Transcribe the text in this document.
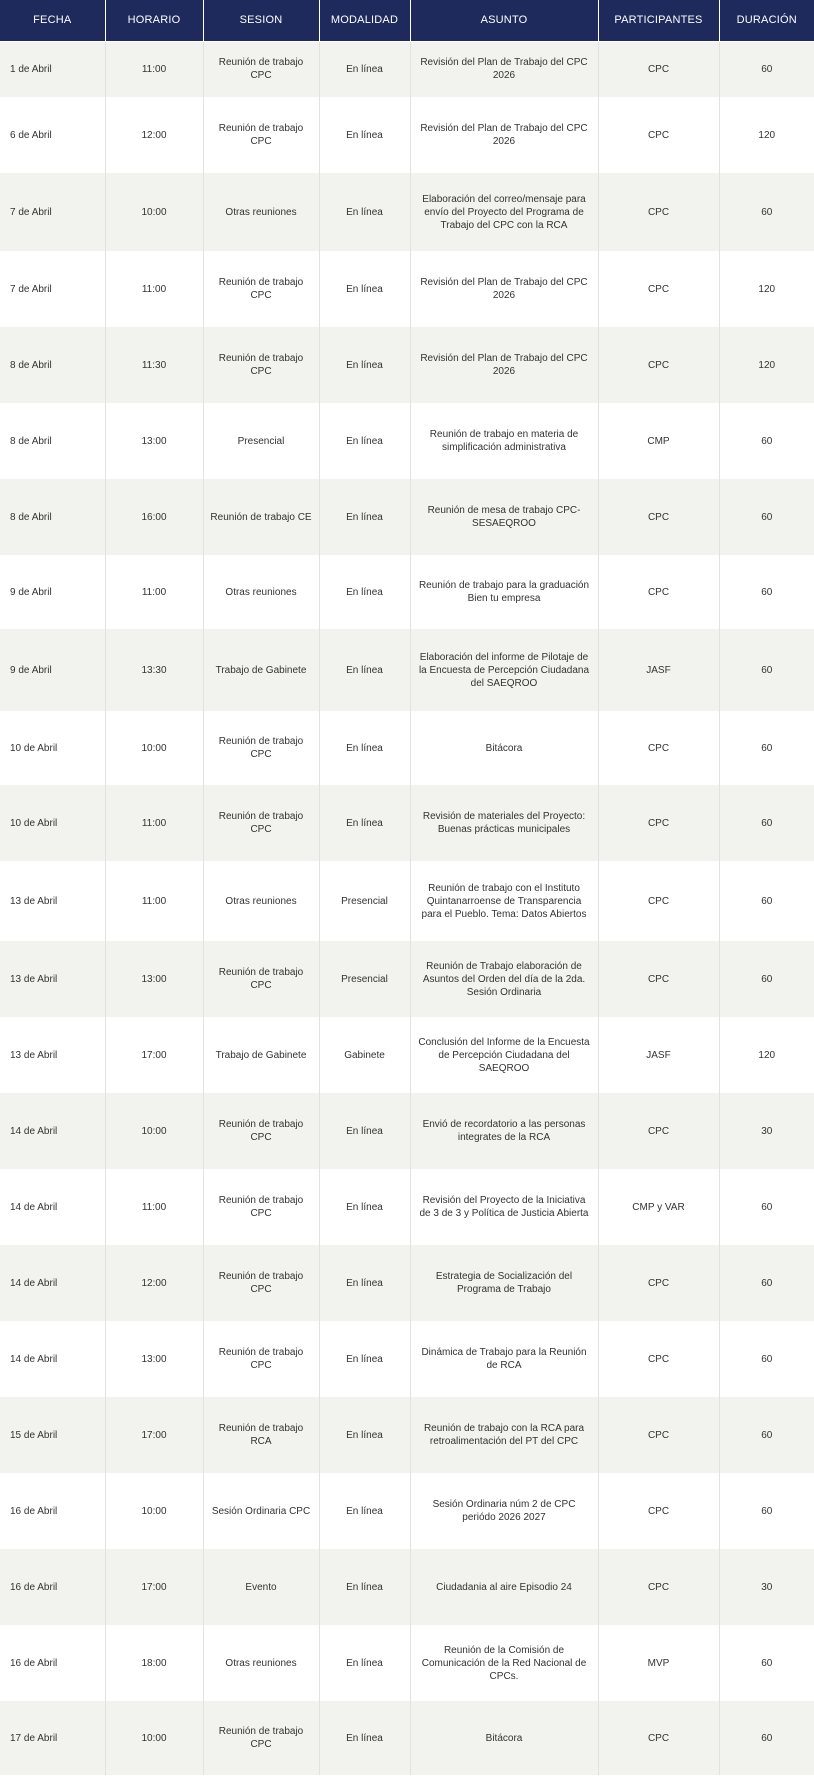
FECHA	HORARIO	SESION	MODALIDAD	ASUNTO	PARTICIPANTES	DURACIÓN
1 de Abril	11:00	Reunión de trabajo CPC	En línea	Revisión del Plan de Trabajo del CPC 2026	CPC	60
6 de Abril	12:00	Reunión de trabajo CPC	En línea	Revisión del Plan de Trabajo del CPC 2026	CPC	120
7 de Abril	10:00	Otras reuniones	En línea	Elaboración del correo/mensaje para envío del Proyecto del Programa de Trabajo del CPC con la RCA	CPC	60
7 de Abril	11:00	Reunión de trabajo CPC	En línea	Revisión del Plan de Trabajo del CPC 2026	CPC	120
8 de Abril	11:30	Reunión de trabajo CPC	En línea	Revisión del Plan de Trabajo del CPC 2026	CPC	120
8 de Abril	13:00	Presencial	En línea	Reunión de trabajo en materia de simplificación administrativa	CMP	60
8 de Abril	16:00	Reunión de trabajo CE	En línea	Reunión de mesa de trabajo CPC-SESAEQROO	CPC	60
9 de Abril	11:00	Otras reuniones	En línea	Reunión de trabajo para la graduación Bien tu empresa	CPC	60
9 de Abril	13:30	Trabajo de Gabinete	En línea	Elaboración del informe de Pilotaje de la Encuesta de Percepción Ciudadana del SAEQROO	JASF	60
10 de Abril	10:00	Reunión de trabajo CPC	En línea	Bitácora	CPC	60
10 de Abril	11:00	Reunión de trabajo CPC	En línea	Revisión de materiales del Proyecto: Buenas prácticas municipales	CPC	60
13 de Abril	11:00	Otras reuniones	Presencial	Reunión de trabajo con el Instituto Quintanarroense de Transparencia para el Pueblo. Tema: Datos Abiertos	CPC	60
13 de Abril	13:00	Reunión de trabajo CPC	Presencial	Reunión de Trabajo elaboración de Asuntos del Orden del día de la 2da. Sesión Ordinaria	CPC	60
13 de Abril	17:00	Trabajo de Gabinete	Gabinete	Conclusión del Informe de la Encuesta de Percepción Ciudadana del SAEQROO	JASF	120
14 de Abril	10:00	Reunión de trabajo CPC	En línea	Envió de recordatorio a las personas integrates de la RCA	CPC	30
14 de Abril	11:00	Reunión de trabajo CPC	En línea	Revisión del Proyecto de la Iniciativa de 3 de 3 y Política de Justicia Abierta	CMP y VAR	60
14 de Abril	12:00	Reunión de trabajo CPC	En línea	Estrategia de Socialización del Programa de Trabajo	CPC	60
14 de Abril	13:00	Reunión de trabajo CPC	En línea	Dinámica de Trabajo para la Reunión de RCA	CPC	60
15 de Abril	17:00	Reunión de trabajo RCA	En línea	Reunión de trabajo con la RCA para retroalimentación del PT del CPC	CPC	60
16 de Abril	10:00	Sesión Ordinaria CPC	En línea	Sesión Ordinaria núm 2 de CPC periódo 2026 2027	CPC	60
16 de Abril	17:00	Evento	En línea	Ciudadania al aire Episodio 24	CPC	30
16 de Abril	18:00	Otras reuniones	En línea	Reunión de la Comisión de Comunicación de la Red Nacional de CPCs.	MVP	60
17 de Abril	10:00	Reunión de trabajo CPC	En línea	Bitácora	CPC	60
